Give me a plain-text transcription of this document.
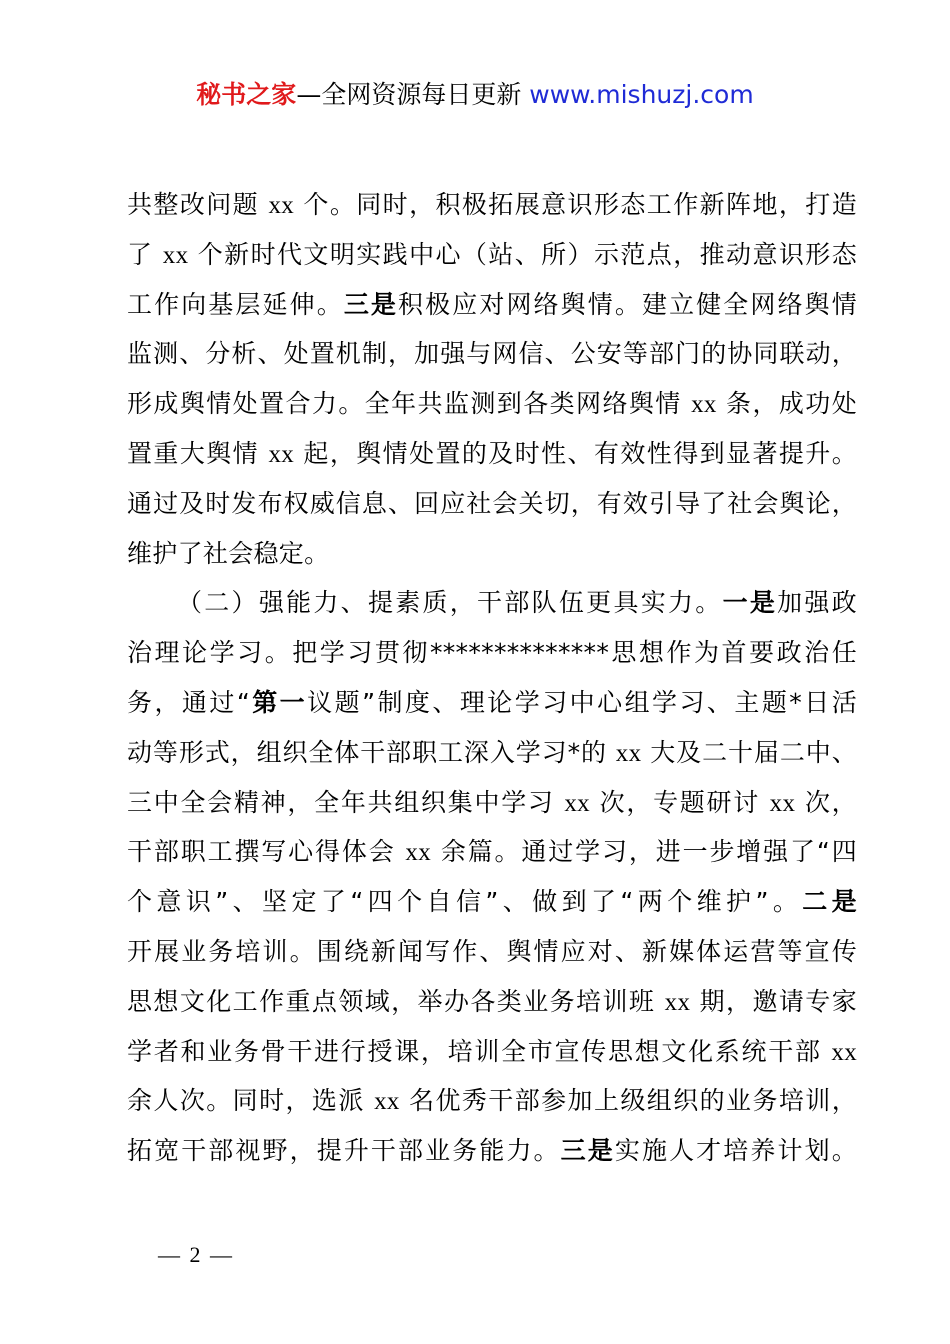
秘书之家—全网资源每日更新 www.mishuzj.com
共整改问题 xx 个。同时，积极拓展意识形态工作新阵地，打造
了 xx 个新时代文明实践中心（站、所）示范点，推动意识形态
工作向基层延伸。三是积极应对网络舆情。建立健全网络舆情
监测、分析、处置机制，加强与网信、公安等部门的协同联动，
形成舆情处置合力。全年共监测到各类网络舆情 xx 条，成功处
置重大舆情 xx 起，舆情处置的及时性、有效性得到显著提升。
通过及时发布权威信息、回应社会关切，有效引导了社会舆论，
维护了社会稳定。
（二）强能力、提素质，干部队伍更具实力。一是加强政
治理论学习。把学习贯彻**************思想作为首要政治任
务，通过“第一议题”制度、理论学习中心组学习、主题*日活
动等形式，组织全体干部职工深入学习*的 xx 大及二十届二中、
三中全会精神，全年共组织集中学习 xx 次，专题研讨 xx 次，
干部职工撰写心得体会 xx 余篇。通过学习，进一步增强了“四
个意识”、坚定了“四个自信”、做到了“两个维护”。二是
开展业务培训。围绕新闻写作、舆情应对、新媒体运营等宣传
思想文化工作重点领域，举办各类业务培训班 xx 期，邀请专家
学者和业务骨干进行授课，培训全市宣传思想文化系统干部 xx
余人次。同时，选派 xx 名优秀干部参加上级组织的业务培训，
拓宽干部视野，提升干部业务能力。三是实施人才培养计划。
— 2 —
